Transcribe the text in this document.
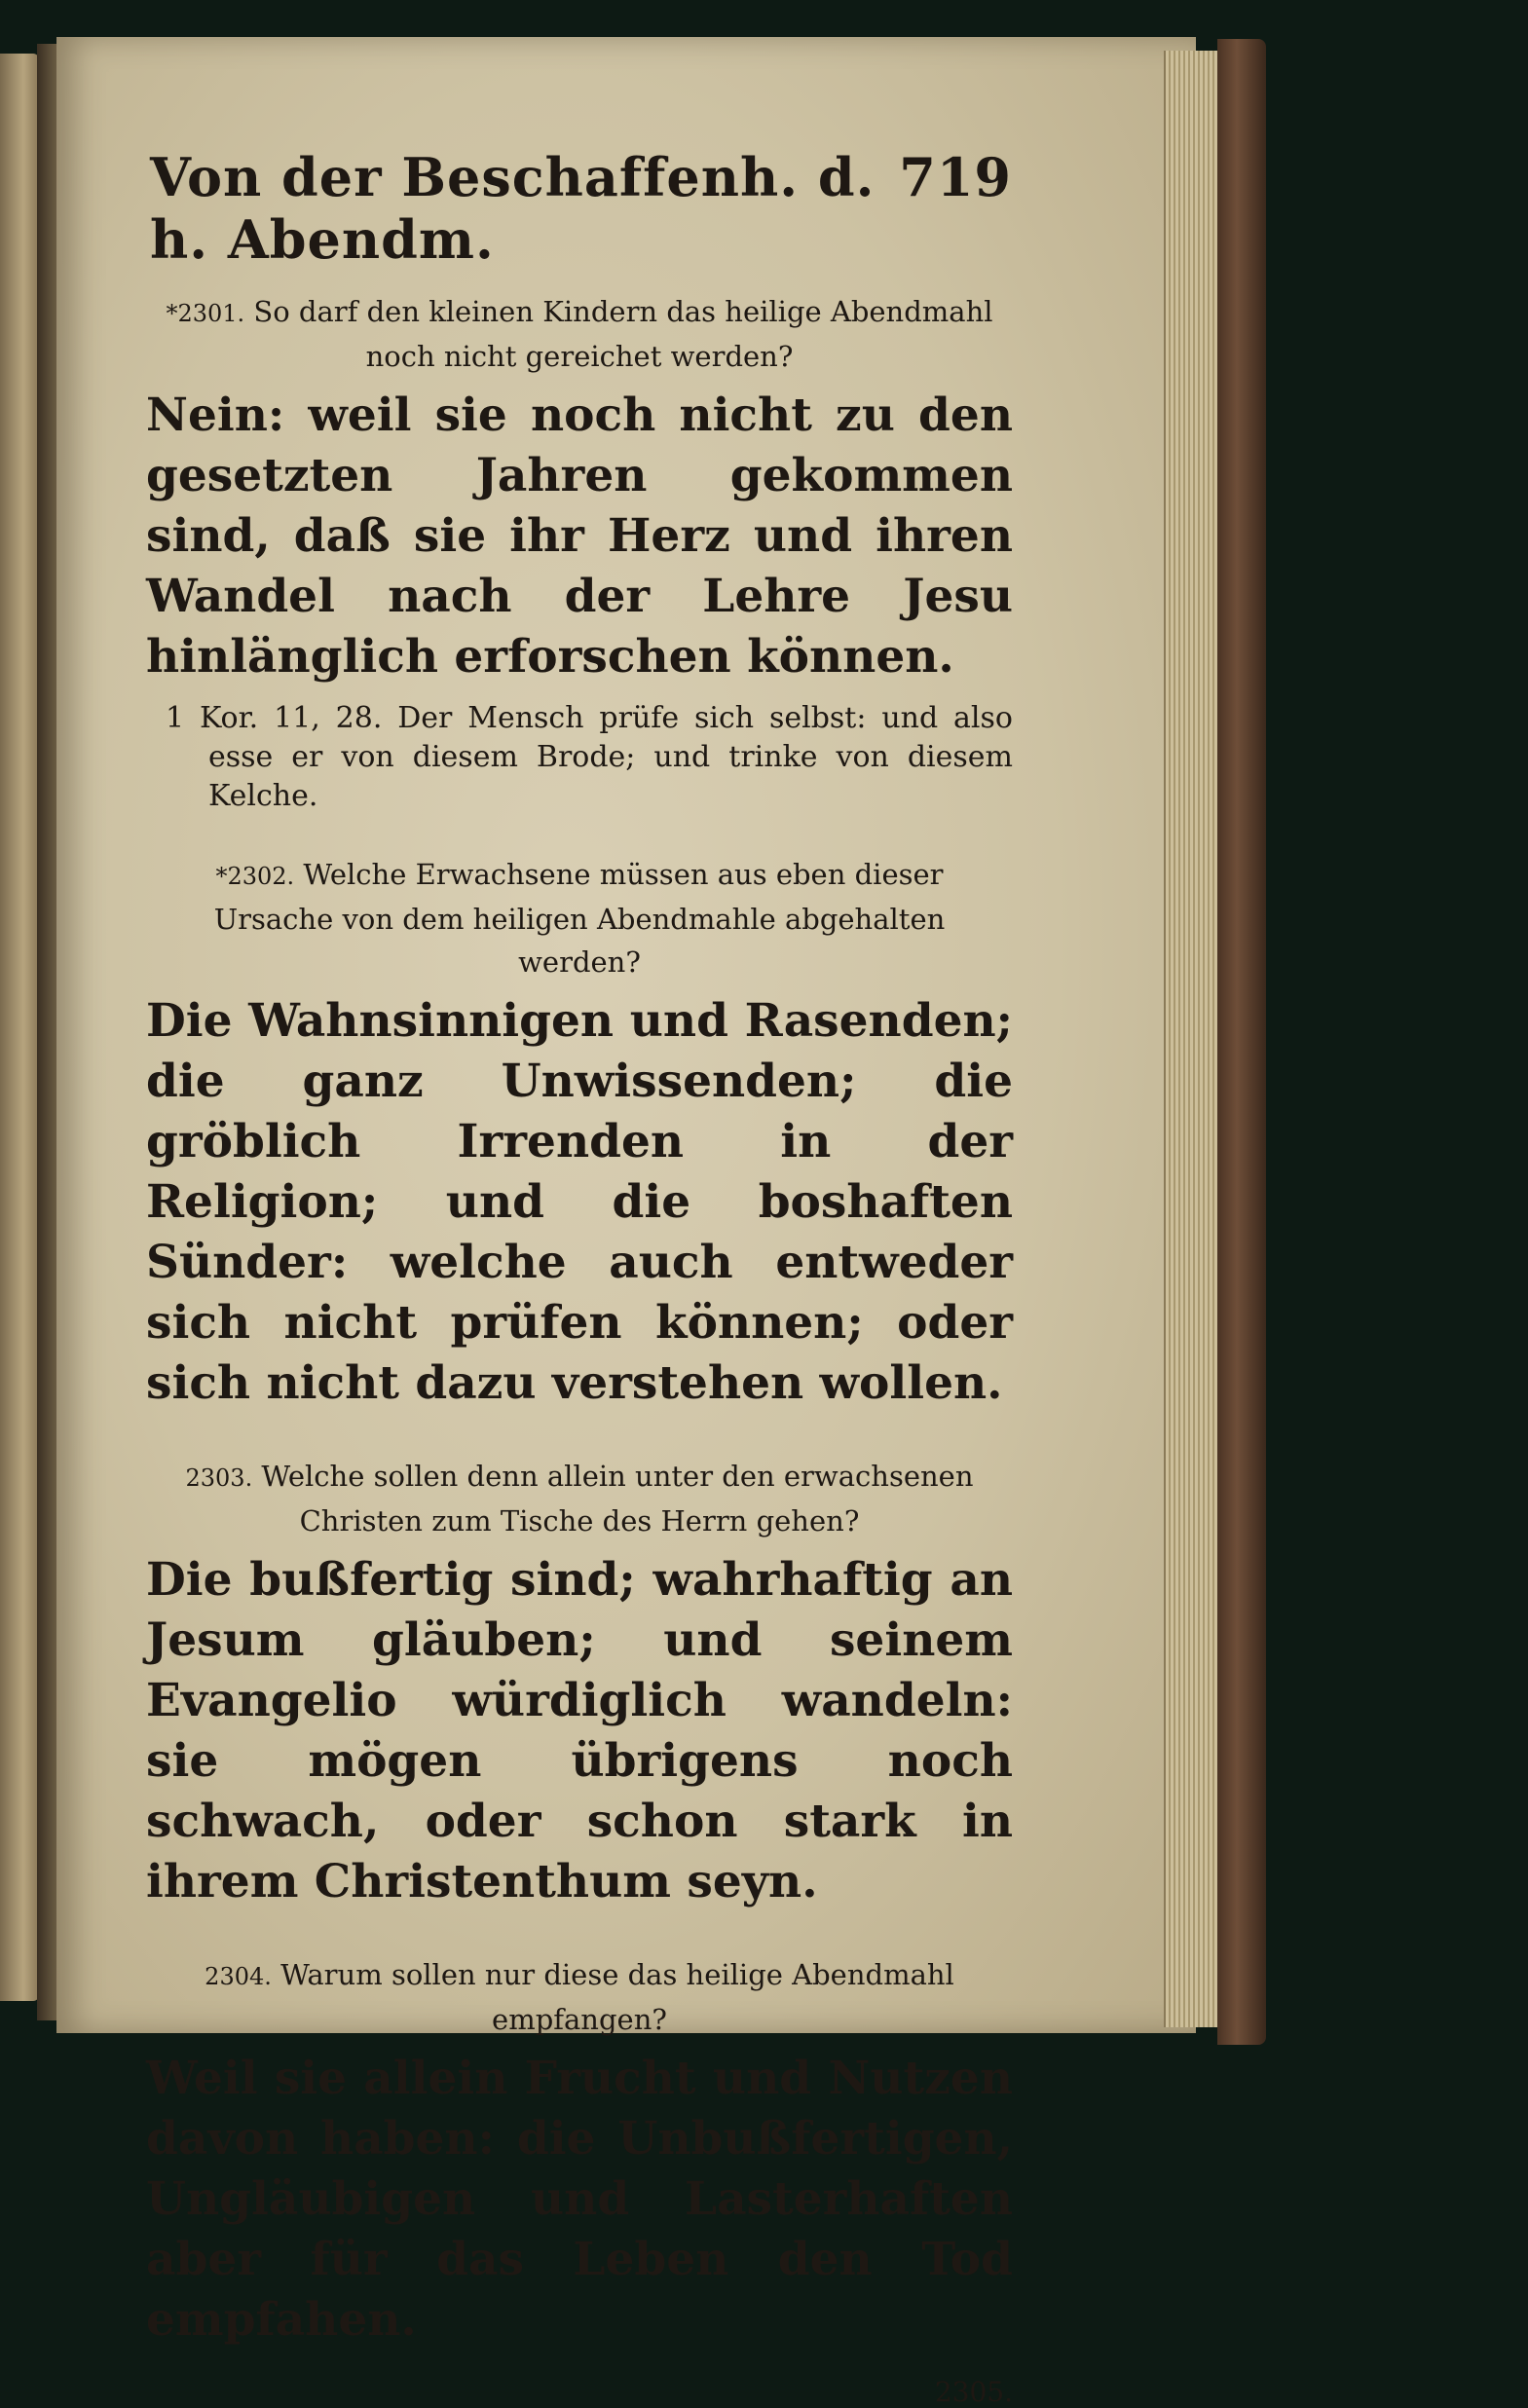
Von der Beschaffenh. d. h. Abendm.
719

*2301. So darf den kleinen Kindern das heilige Abendmahl noch nicht gereichet werden?

Nein: weil sie noch nicht zu den gesetzten Jahren gekommen sind, daß sie ihr Herz und ihren Wandel nach der Lehre Jesu hinlänglich erforschen können.

1 Kor. 11, 28. Der Mensch prüfe sich selbst: und also esse er von diesem Brode; und trinke von diesem Kelche.

*2302. Welche Erwachsene müssen aus eben dieser Ursache von dem heiligen Abendmahle abgehalten werden?

Die Wahnsinnigen und Rasenden; die ganz Unwissenden; die gröblich Irrenden in der Religion; und die boshaften Sünder: welche auch entweder sich nicht prüfen können; oder sich nicht dazu verstehen wollen.

2303. Welche sollen denn allein unter den erwachsenen Christen zum Tische des Herrn gehen?

Die bußfertig sind; wahrhaftig an Jesum gläuben; und seinem Evangelio würdiglich wandeln: sie mögen übrigens noch schwach, oder schon stark in ihrem Christenthum seyn.

2304. Warum sollen nur diese das heilige Abendmahl empfangen?

Weil sie allein Frucht und Nutzen davon haben: die Unbußfertigen, Ungläubigen und Lasterhaften aber für das Leben den Tod empfahen.

2305.
